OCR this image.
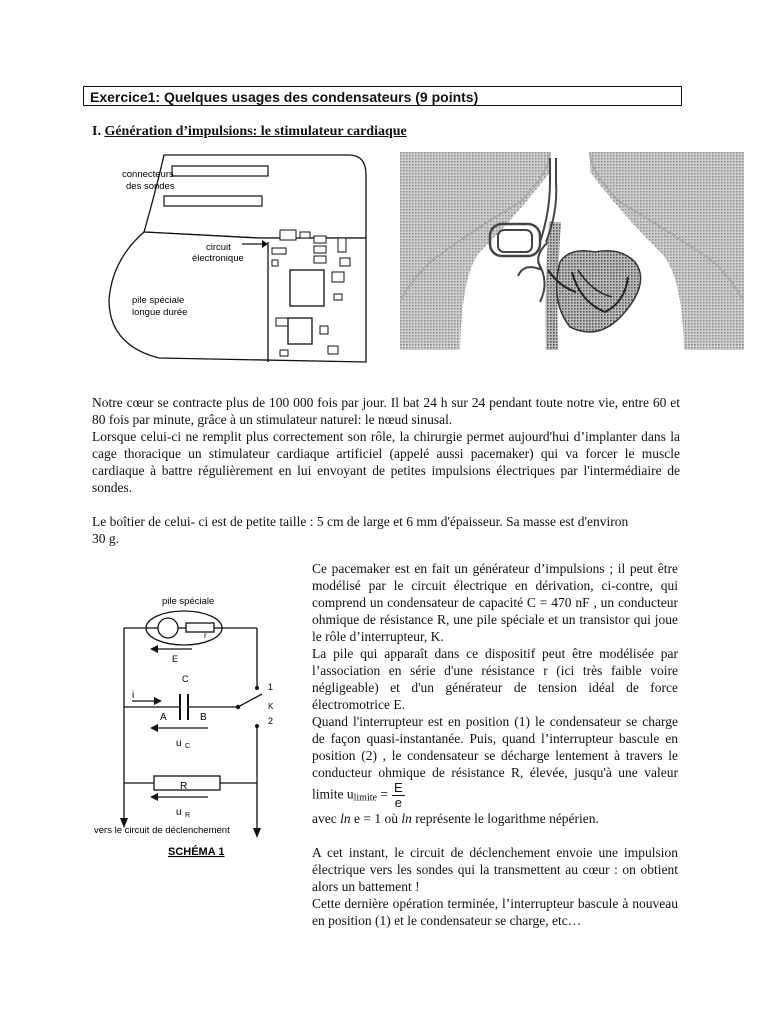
Exercice1: Quelques usages des condensateurs (9 points)
I. Génération d’impulsions: le stimulateur cardiaque
connecteurs
des sondes
circuit
électronique
pile spéciale
longue durée

Notre cœur se contracte plus de 100 000 fois par jour. Il bat 24 h sur 24 pendant toute notre vie, entre 60 et 80 fois par minute, grâce à un stimulateur naturel: le nœud sinusal.

Lorsque celui-ci ne remplit plus correctement son rôle, la chirurgie permet aujourd'hui d’implanter dans la cage thoracique un stimulateur cardiaque artificiel (appelé aussi pacemaker) qui va forcer le muscle cardiaque à battre régulièrement en lui envoyant de petites impulsions électriques par l'intermédiaire de sondes.

Le boîtier de celui- ci est de petite taille : 5 cm de large et 6 mm d'épaisseur. Sa masse est d'environ

30 g.

pile spéciale
r
E
C
i
A	B
u C
1
K
2
R
u R
vers le circuit de déclenchement
SCHÉMA 1

Ce pacemaker est en fait un générateur d’impulsions ; il peut être modélisé par le circuit électrique en dérivation, ci-contre, qui comprend un condensateur de capacité C = 470 nF , un conducteur ohmique de résistance R, une pile spéciale et un transistor qui joue le rôle d’interrupteur, K.

La pile qui apparaît dans ce dispositif peut être modélisée par l’association en série d'une résistance r (ici très faible voire négligeable) et d'un générateur de tension idéal de force électromotrice E.

Quand l'interrupteur est en position (1) le condensateur se charge de façon quasi-instantanée. Puis, quand l’interrupteur bascule en position (2) , le condensateur se décharge lentement à travers le conducteur ohmique de résistance R, élevée, jusqu'à une valeur limite $u_{limite} = \frac{E}{e}$

avec ln e = 1 où ln représente le logarithme népérien.

A cet instant, le circuit de déclenchement envoie une impulsion électrique vers les sondes qui la transmettent au cœur : on obtient alors un battement !

Cette dernière opération terminée, l’interrupteur bascule à nouveau en position (1) et le condensateur se charge, etc…
